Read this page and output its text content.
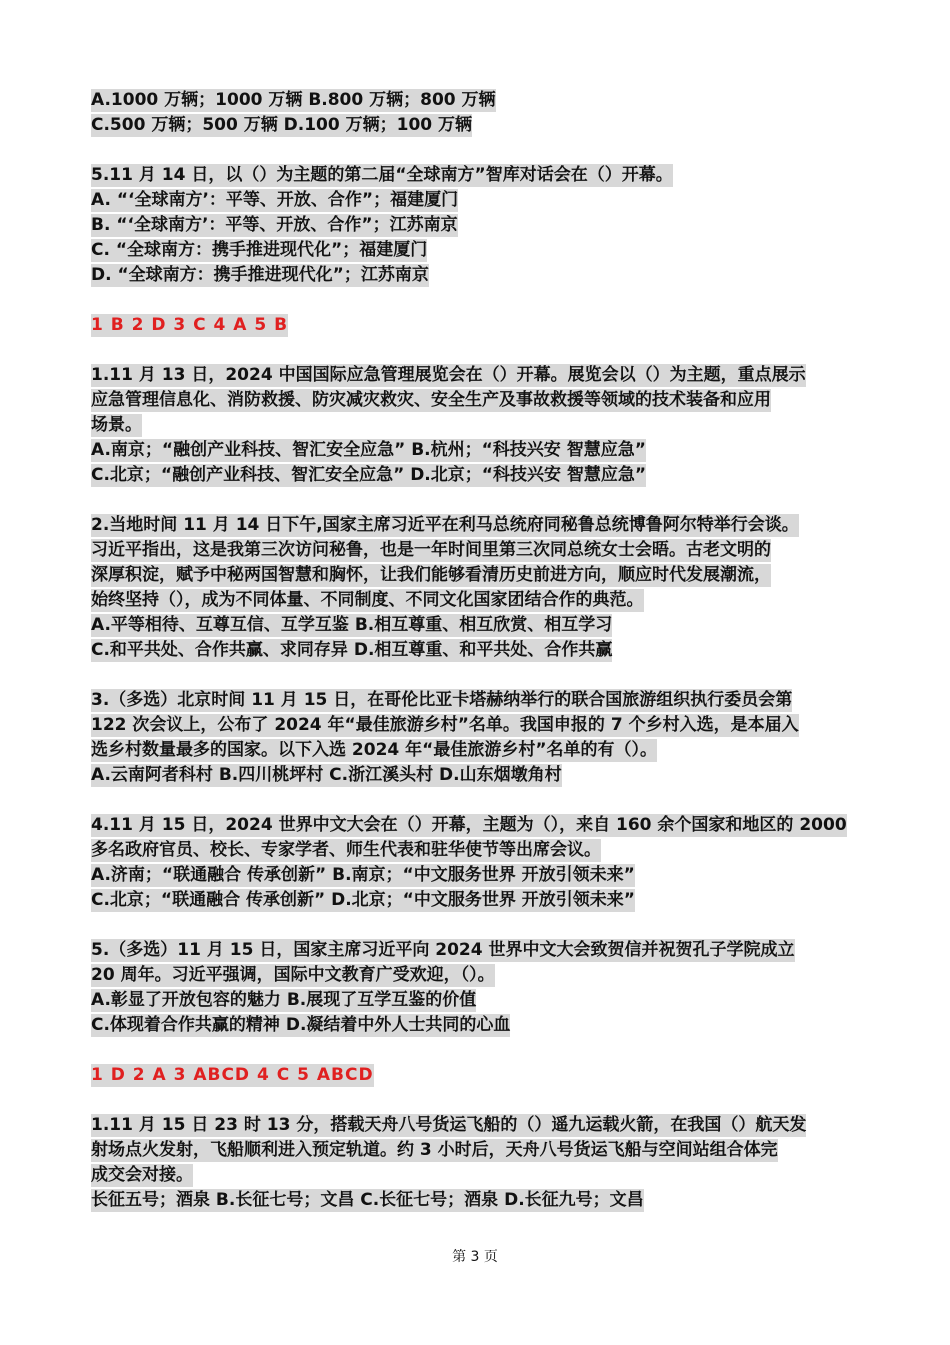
A.1000 万辆；1000 万辆 B.800 万辆；800 万辆
C.500 万辆；500 万辆 D.100 万辆；100 万辆
5.11 月 14 日，以（）为主题的第二届“全球南方”智库对话会在（）开幕。
A. “‘全球南方’：平等、开放、合作”；福建厦门
B. “‘全球南方’：平等、开放、合作”；江苏南京
C. “全球南方：携手推进现代化”；福建厦门
D. “全球南方：携手推进现代化”；江苏南京
1 B 2 D 3 C 4 A 5 B
1.11 月 13 日，2024 中国国际应急管理展览会在（）开幕。展览会以（）为主题，重点展示
应急管理信息化、消防救援、防灾减灾救灾、安全生产及事故救援等领域的技术装备和应用
场景。
A.南京；“融创产业科技、智汇安全应急” B.杭州；“科技兴安 智慧应急”
C.北京；“融创产业科技、智汇安全应急” D.北京；“科技兴安 智慧应急”
2.当地时间 11 月 14 日下午,国家主席习近平在利马总统府同秘鲁总统博鲁阿尔特举行会谈。
习近平指出，这是我第三次访问秘鲁，也是一年时间里第三次同总统女士会晤。古老文明的
深厚积淀，赋予中秘两国智慧和胸怀，让我们能够看清历史前进方向，顺应时代发展潮流，
始终坚持（），成为不同体量、不同制度、不同文化国家团结合作的典范。
A.平等相待、互尊互信、互学互鉴 B.相互尊重、相互欣赏、相互学习
C.和平共处、合作共赢、求同存异 D.相互尊重、和平共处、合作共赢
3.（多选）北京时间 11 月 15 日，在哥伦比亚卡塔赫纳举行的联合国旅游组织执行委员会第
122 次会议上，公布了 2024 年“最佳旅游乡村”名单。我国申报的 7 个乡村入选，是本届入
选乡村数量最多的国家。以下入选 2024 年“最佳旅游乡村”名单的有（）。
A.云南阿者科村 B.四川桃坪村 C.浙江溪头村 D.山东烟墩角村
4.11 月 15 日，2024 世界中文大会在（）开幕，主题为（），来自 160 余个国家和地区的 2000
多名政府官员、校长、专家学者、师生代表和驻华使节等出席会议。
A.济南；“联通融合 传承创新” B.南京；“中文服务世界 开放引领未来”
C.北京；“联通融合 传承创新” D.北京；“中文服务世界 开放引领未来”
5.（多选）11 月 15 日，国家主席习近平向 2024 世界中文大会致贺信并祝贺孔子学院成立
20 周年。习近平强调，国际中文教育广受欢迎，（）。
A.彰显了开放包容的魅力 B.展现了互学互鉴的价值
C.体现着合作共赢的精神 D.凝结着中外人士共同的心血
1 D 2 A 3 ABCD 4 C 5 ABCD
1.11 月 15 日 23 时 13 分，搭载天舟八号货运飞船的（）遥九运载火箭，在我国（）航天发
射场点火发射，飞船顺利进入预定轨道。约 3 小时后，天舟八号货运飞船与空间站组合体完
成交会对接。
长征五号；酒泉 B.长征七号；文昌 C.长征七号；酒泉 D.长征九号；文昌
第 3 页
